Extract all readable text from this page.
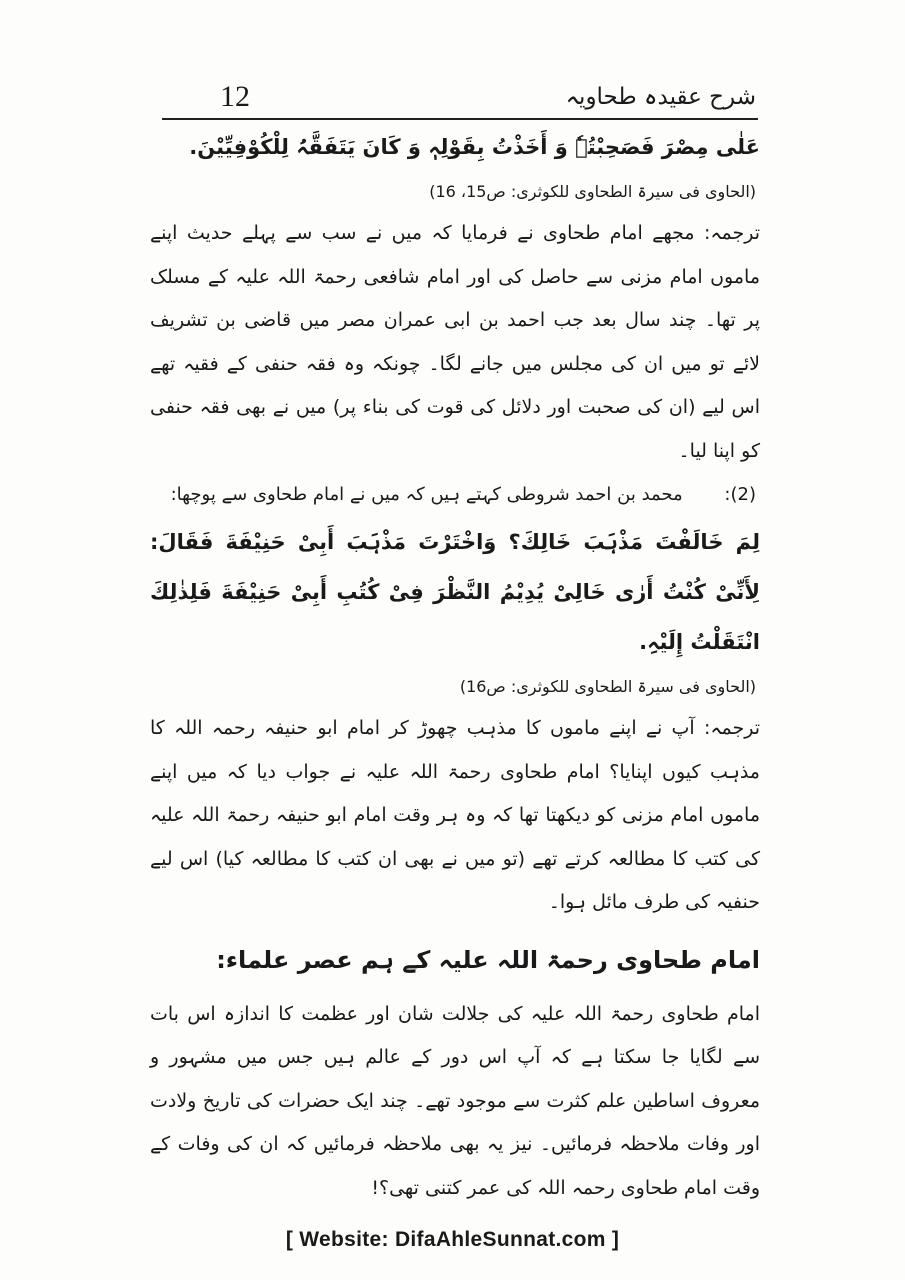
12	شرح عقیدہ طحاویہ

عَلٰی مِصْرَ فَصَحِبْتُہٗ وَ أَخَذْتُ بِقَوْلِہٖ وَ کَانَ یَتَفَقَّہُ لِلْکُوْفِیِّیْنَ.

(الحاوی فی سیرۃ الطحاوی للکوثری: ص15، 16)

ترجمہ: مجھے امام طحاوی نے فرمایا کہ میں نے سب سے پہلے حدیث اپنے ماموں امام مزنی سے حاصل کی اور امام شافعی رحمۃ اللہ علیہ کے مسلک پر تھا۔ چند سال بعد جب احمد بن ابی عمران مصر میں قاضی بن تشریف لائے تو میں ان کی مجلس میں جانے لگا۔ چونکہ وہ فقہ حنفی کے فقیہ تھے اس لیے (ان کی صحبت اور دلائل کی قوت کی بناء پر) میں نے بھی فقہ حنفی کو اپنا لیا۔

(2): محمد بن احمد شروطی کہتے ہیں کہ میں نے امام طحاوی سے پوچھا:

لِمَ خَالَفْتَ مَذْہَبَ خَالِكَ؟ وَاخْتَرْتَ مَذْہَبَ أَبِیْ حَنِیْفَةَ فَقَالَ: لِأَنِّیْ کُنْتُ أَرٰی خَالِیْ یُدِیْمُ النَّظْرَ فِیْ کُتُبِ أَبِیْ حَنِیْفَةَ فَلِذٰلِكَ انْتَقَلْتُ إِلَیْہِ.

(الحاوی فی سیرۃ الطحاوی للکوثری: ص16)

ترجمہ: آپ نے اپنے ماموں کا مذہب چھوڑ کر امام ابو حنیفہ رحمہ اللہ کا مذہب کیوں اپنایا؟ امام طحاوی رحمۃ اللہ علیہ نے جواب دیا کہ میں اپنے ماموں امام مزنی کو دیکھتا تھا کہ وہ ہر وقت امام ابو حنیفہ رحمۃ اللہ علیہ کی کتب کا مطالعہ کرتے تھے (تو میں نے بھی ان کتب کا مطالعہ کیا) اس لیے حنفیہ کی طرف مائل ہوا۔

امام طحاوی رحمۃ اللہ علیہ کے ہم عصر علماء:

امام طحاوی رحمۃ اللہ علیہ کی جلالت شان اور عظمت کا اندازہ اس بات سے لگایا جا سکتا ہے کہ آپ اس دور کے عالم ہیں جس میں مشہور و معروف اساطین علم کثرت سے موجود تھے۔ چند ایک حضرات کی تاریخ ولادت اور وفات ملاحظہ فرمائیں۔ نیز یہ بھی ملاحظہ فرمائیں کہ ان کی وفات کے وقت امام طحاوی رحمہ اللہ کی عمر کتنی تھی؟!

[ Website: DifaAhleSunnat.com ]
